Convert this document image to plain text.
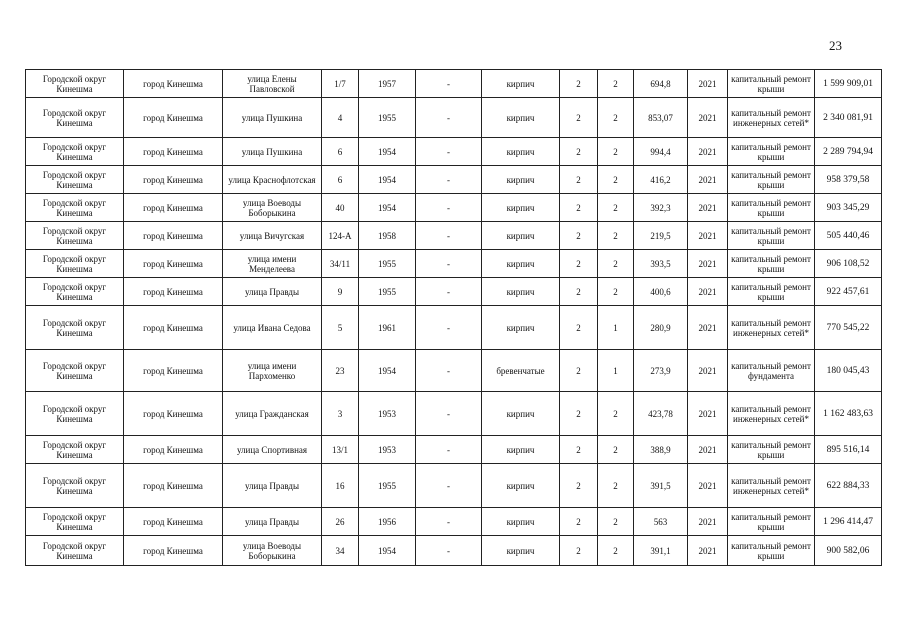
23
Городской округ Кинешма	город Кинешма	улица Елены Павловской	1/7	1957	-	кирпич	2	2	694,8	2021	капитальный ремонт крыши	1 599 909,01
Городской округ Кинешма	город Кинешма	улица Пушкина	4	1955	-	кирпич	2	2	853,07	2021	капитальный ремонт инженерных сетей*	2 340 081,91
Городской округ Кинешма	город Кинешма	улица Пушкина	6	1954	-	кирпич	2	2	994,4	2021	капитальный ремонт крыши	2 289 794,94
Городской округ Кинешма	город Кинешма	улица Краснофлотская	6	1954	-	кирпич	2	2	416,2	2021	капитальный ремонт крыши	958 379,58
Городской округ Кинешма	город Кинешма	улица Воеводы Боборыкина	40	1954	-	кирпич	2	2	392,3	2021	капитальный ремонт крыши	903 345,29
Городской округ Кинешма	город Кинешма	улица Вичугская	124-А	1958	-	кирпич	2	2	219,5	2021	капитальный ремонт крыши	505 440,46
Городской округ Кинешма	город Кинешма	улица имени Менделеева	34/11	1955	-	кирпич	2	2	393,5	2021	капитальный ремонт крыши	906 108,52
Городской округ Кинешма	город Кинешма	улица Правды	9	1955	-	кирпич	2	2	400,6	2021	капитальный ремонт крыши	922 457,61
Городской округ Кинешма	город Кинешма	улица Ивана Седова	5	1961	-	кирпич	2	1	280,9	2021	капитальный ремонт инженерных сетей*	770 545,22
Городской округ Кинешма	город Кинешма	улица имени Пархоменко	23	1954	-	бревенчатые	2	1	273,9	2021	капитальный ремонт фундамента	180 045,43
Городской округ Кинешма	город Кинешма	улица Гражданская	3	1953	-	кирпич	2	2	423,78	2021	капитальный ремонт инженерных сетей*	1 162 483,63
Городской округ Кинешма	город Кинешма	улица Спортивная	13/1	1953	-	кирпич	2	2	388,9	2021	капитальный ремонт крыши	895 516,14
Городской округ Кинешма	город Кинешма	улица Правды	16	1955	-	кирпич	2	2	391,5	2021	капитальный ремонт инженерных сетей*	622 884,33
Городской округ Кинешма	город Кинешма	улица Правды	26	1956	-	кирпич	2	2	563	2021	капитальный ремонт крыши	1 296 414,47
Городской округ Кинешма	город Кинешма	улица Воеводы Боборыкина	34	1954	-	кирпич	2	2	391,1	2021	капитальный ремонт крыши	900 582,06
